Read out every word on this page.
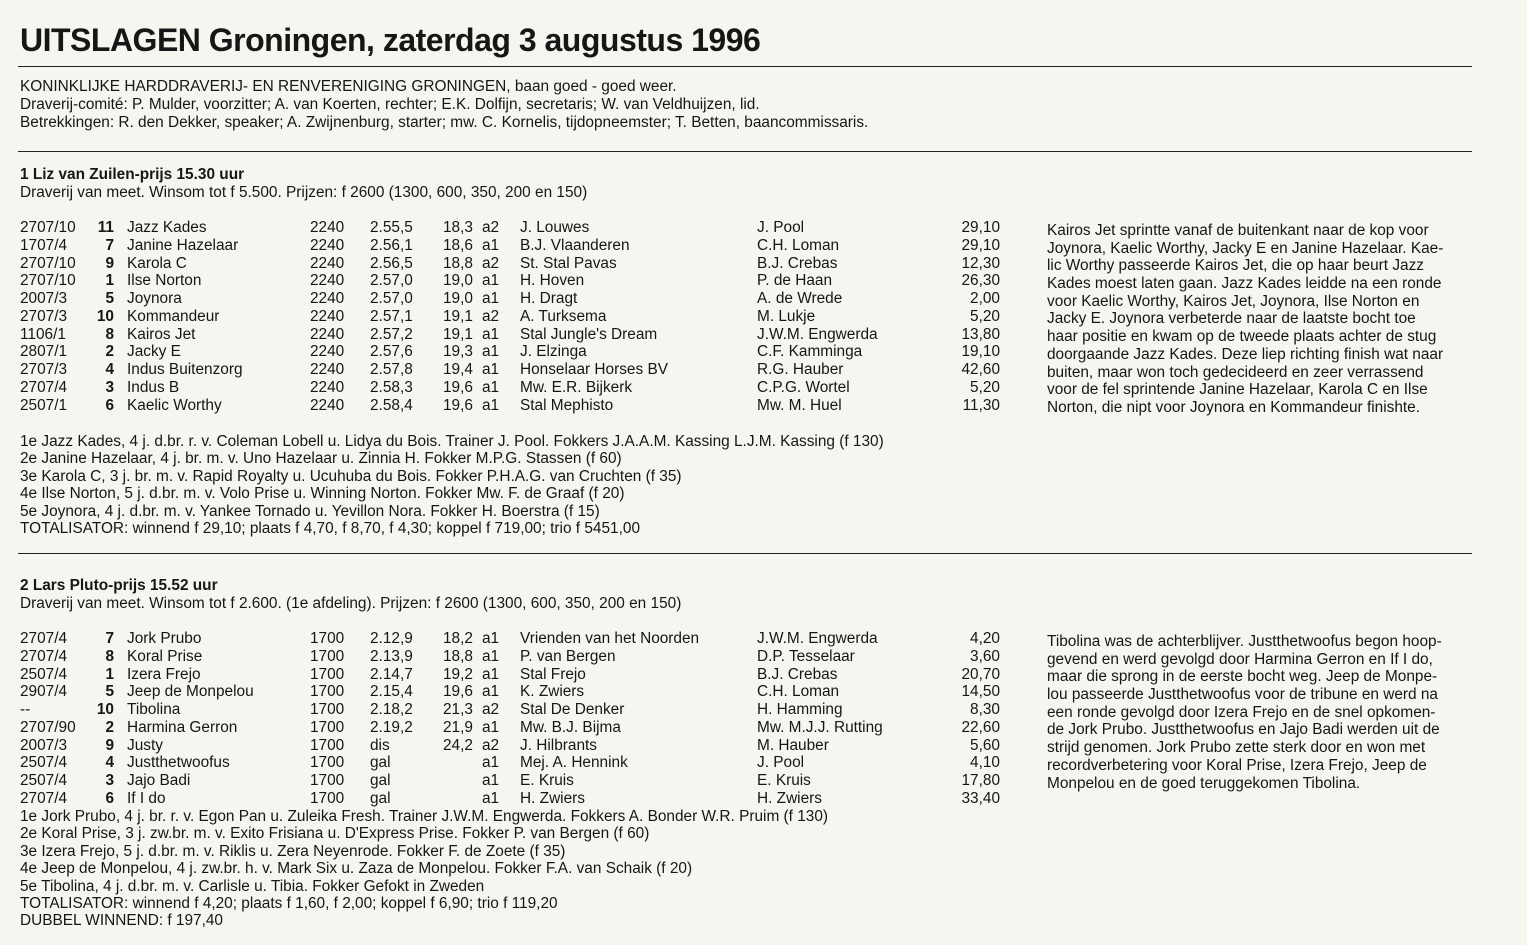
UITSLAGEN Groningen, zaterdag 3 augustus 1996
KONINKLIJKE HARDDRAVERIJ- EN RENVERENIGING GRONINGEN, baan goed - goed weer.
Draverij-comité: P. Mulder, voorzitter; A. van Koerten, rechter; E.K. Dolfijn, secretaris; W. van Veldhuijzen, lid.
Betrekkingen: R. den Dekker, speaker; A. Zwijnenburg, starter; mw. C. Kornelis, tijdopneemster; T. Betten, baancommissaris.
1 Liz van Zuilen-prijs 15.30 uur
Draverij van meet. Winsom tot f 5.500. Prijzen: f 2600 (1300, 600, 350, 200 en 150)
2707/10	11 Jazz Kades	2240 2.55,5 18,3 a2 J. Louwes	J. Pool	29,10
1707/4	7 Janine Hazelaar	2240 2.56,1 18,6 a1 B.J. Vlaanderen	C.H. Loman	29,10
2707/10	9 Karola C	2240 2.56,5 18,8 a2 St. Stal Pavas	B.J. Crebas	12,30
2707/10	1 Ilse Norton	2240 2.57,0 19,0 a1 H. Hoven	P. de Haan	26,30
2007/3	5 Joynora	2240 2.57,0 19,0 a1 H. Dragt	A. de Wrede	2,00
2707/3	10 Kommandeur	2240 2.57,1 19,1 a2 A. Turksema	M. Lukje	5,20
1106/1	8 Kairos Jet	2240 2.57,2 19,1 a1 Stal Jungle's Dream	J.W.M. Engwerda	13,80
2807/1	2 Jacky E	2240 2.57,6 19,3 a1 J. Elzinga	C.F. Kamminga	19,10
2707/3	4 Indus Buitenzorg	2240 2.57,8 19,4 a1 Honselaar Horses BV	R.G. Hauber	42,60
2707/4	3 Indus B	2240 2.58,3 19,6 a1 Mw. E.R. Bijkerk	C.P.G. Wortel	5,20
2507/1	6 Kaelic Worthy	2240 2.58,4 19,6 a1 Stal Mephisto	Mw. M. Huel	11,30
Kairos Jet sprintte vanaf de buitenkant naar de kop voor
Joynora, Kaelic Worthy, Jacky E en Janine Hazelaar. Kae-
lic Worthy passeerde Kairos Jet, die op haar beurt Jazz
Kades moest laten gaan. Jazz Kades leidde na een ronde
voor Kaelic Worthy, Kairos Jet, Joynora, Ilse Norton en
Jacky E. Joynora verbeterde naar de laatste bocht toe
haar positie en kwam op de tweede plaats achter de stug
doorgaande Jazz Kades. Deze liep richting finish wat naar
buiten, maar won toch gedecideerd en zeer verrassend
voor de fel sprintende Janine Hazelaar, Karola C en Ilse
Norton, die nipt voor Joynora en Kommandeur finishte.
1e Jazz Kades, 4 j. d.br. r. v. Coleman Lobell u. Lidya du Bois. Trainer J. Pool. Fokkers J.A.A.M. Kassing L.J.M. Kassing (f 130)
2e Janine Hazelaar, 4 j. br. m. v. Uno Hazelaar u. Zinnia H. Fokker M.P.G. Stassen (f 60)
3e Karola C, 3 j. br. m. v. Rapid Royalty u. Ucuhuba du Bois. Fokker P.H.A.G. van Cruchten (f 35)
4e Ilse Norton, 5 j. d.br. m. v. Volo Prise u. Winning Norton. Fokker Mw. F. de Graaf (f 20)
5e Joynora, 4 j. d.br. m. v. Yankee Tornado u. Yevillon Nora. Fokker H. Boerstra (f 15)
TOTALISATOR: winnend f 29,10; plaats f 4,70, f 8,70, f 4,30; koppel f 719,00; trio f 5451,00
2 Lars Pluto-prijs 15.52 uur
Draverij van meet. Winsom tot f 2.600. (1e afdeling). Prijzen: f 2600 (1300, 600, 350, 200 en 150)
2707/4	7 Jork Prubo	1700 2.12,9 18,2 a1 Vrienden van het Noorden	J.W.M. Engwerda	4,20
2707/4	8 Koral Prise	1700 2.13,9 18,8 a1 P. van Bergen	D.P. Tesselaar	3,60
2507/4	1 Izera Frejo	1700 2.14,7 19,2 a1 Stal Frejo	B.J. Crebas	20,70
2907/4	5 Jeep de Monpelou	1700 2.15,4 19,6 a1 K. Zwiers	C.H. Loman	14,50
--	10 Tibolina	1700 2.18,2 21,3 a2 Stal De Denker	H. Hamming	8,30
2707/90	2 Harmina Gerron	1700 2.19,2 21,9 a1 Mw. B.J. Bijma	Mw. M.J.J. Rutting	22,60
2007/3	9 Justy	1700 dis	24,2 a2 J. Hilbrants	M. Hauber	5,60
2507/4	4 Justthetwoofus	1700 gal	a1 Mej. A. Hennink	J. Pool	4,10
2507/4	3 Jajo Badi	1700 gal	a1 E. Kruis	E. Kruis	17,80
2707/4	6 If I do	1700 gal	a1 H. Zwiers	H. Zwiers	33,40
Tibolina was de achterblijver. Justthetwoofus begon hoop-
gevend en werd gevolgd door Harmina Gerron en If I do,
maar die sprong in de eerste bocht weg. Jeep de Monpe-
lou passeerde Justthetwoofus voor de tribune en werd na
een ronde gevolgd door Izera Frejo en de snel opkomen-
de Jork Prubo. Justthetwoofus en Jajo Badi werden uit de
strijd genomen. Jork Prubo zette sterk door en won met
recordverbetering voor Koral Prise, Izera Frejo, Jeep de
Monpelou en de goed teruggekomen Tibolina.
1e Jork Prubo, 4 j. br. r. v. Egon Pan u. Zuleika Fresh. Trainer J.W.M. Engwerda. Fokkers A. Bonder W.R. Pruim (f 130)
2e Koral Prise, 3 j. zw.br. m. v. Exito Frisiana u. D'Express Prise. Fokker P. van Bergen (f 60)
3e Izera Frejo, 5 j. d.br. m. v. Riklis u. Zera Neyenrode. Fokker F. de Zoete (f 35)
4e Jeep de Monpelou, 4 j. zw.br. h. v. Mark Six u. Zaza de Monpelou. Fokker F.A. van Schaik (f 20)
5e Tibolina, 4 j. d.br. m. v. Carlisle u. Tibia. Fokker Gefokt in Zweden
TOTALISATOR: winnend f 4,20; plaats f 1,60, f 2,00; koppel f 6,90; trio f 119,20
DUBBEL WINNEND: f 197,40
